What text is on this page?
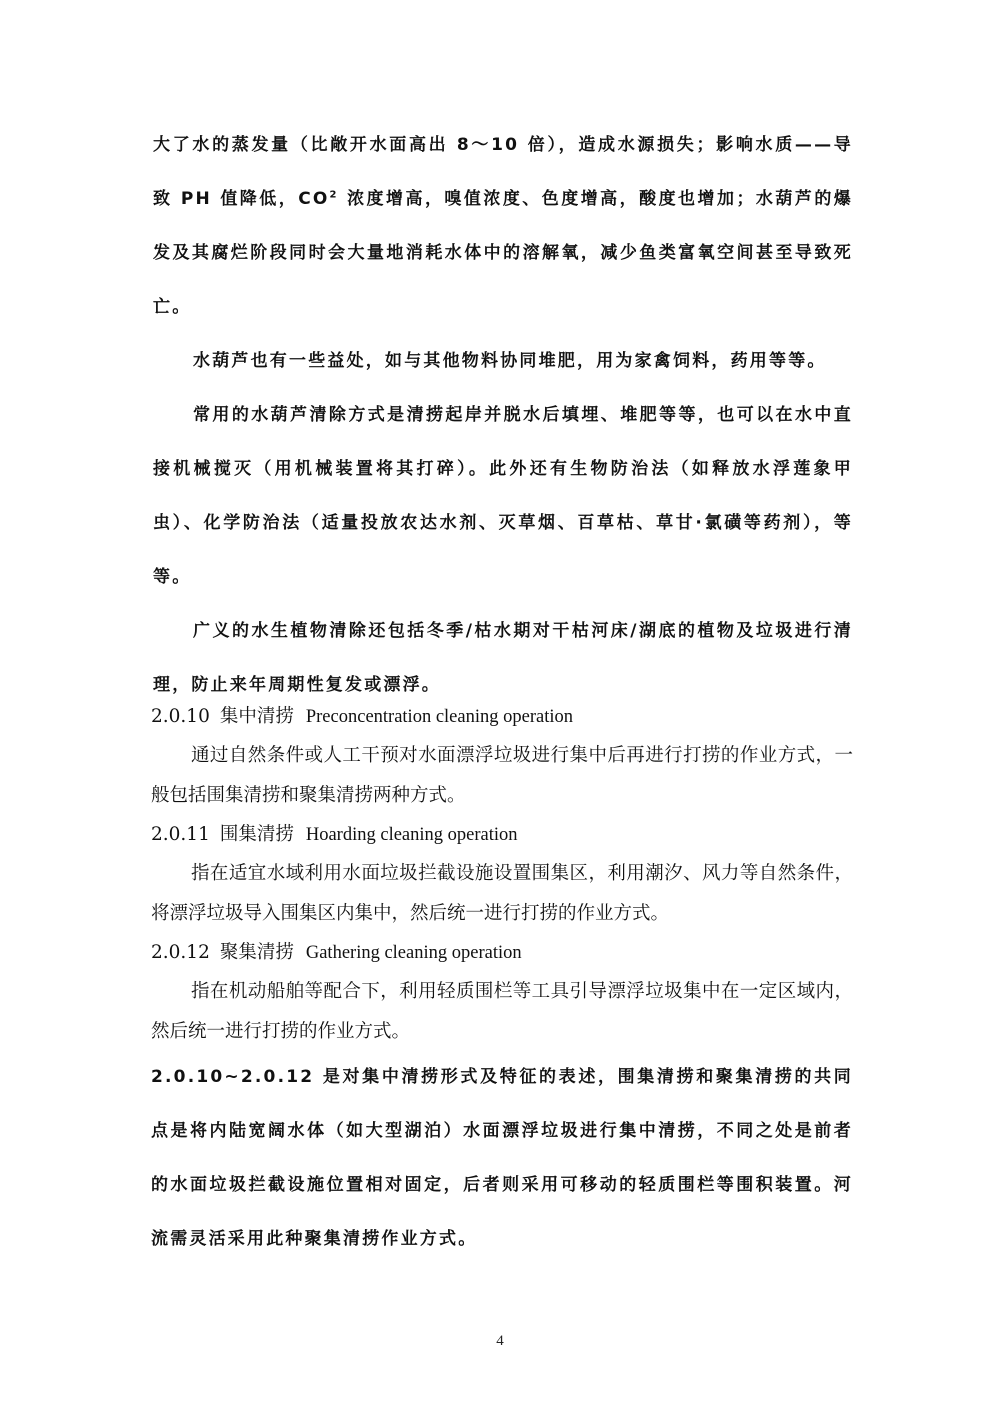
大了水的蒸发量（比敞开水面高出 8～10 倍），造成水源损失；影响水质——导致 PH 值降低，$CO^2$ 浓度增高，嗅值浓度、色度增高，酸度也增加；水葫芦的爆发及其腐烂阶段同时会大量地消耗水体中的溶解氧，减少鱼类富氧空间甚至导致死亡。

水葫芦也有一些益处，如与其他物料协同堆肥，用为家禽饲料，药用等等。

常用的水葫芦清除方式是清捞起岸并脱水后填埋、堆肥等等，也可以在水中直接机械搅灭（用机械装置将其打碎）。此外还有生物防治法（如释放水浮莲象甲虫）、化学防治法（适量投放农达水剂、灭草烟、百草枯、草甘·氯磺等药剂），等等。

广义的水生植物清除还包括冬季/枯水期对干枯河床/湖底的植物及垃圾进行清理，防止来年周期性复发或漂浮。

2.0.10 集中清捞 Preconcentration cleaning operation

通过自然条件或人工干预对水面漂浮垃圾进行集中后再进行打捞的作业方式，一般包括围集清捞和聚集清捞两种方式。

2.0.11 围集清捞 Hoarding cleaning operation

指在适宜水域利用水面垃圾拦截设施设置围集区，利用潮汐、风力等自然条件，将漂浮垃圾导入围集区内集中，然后统一进行打捞的作业方式。

2.0.12 聚集清捞 Gathering cleaning operation

指在机动船舶等配合下，利用轻质围栏等工具引导漂浮垃圾集中在一定区域内，然后统一进行打捞的作业方式。

2.0.10~2.0.12 是对集中清捞形式及特征的表述，围集清捞和聚集清捞的共同点是将内陆宽阔水体（如大型湖泊）水面漂浮垃圾进行集中清捞，不同之处是前者的水面垃圾拦截设施位置相对固定，后者则采用可移动的轻质围栏等围积装置。河流需灵活采用此种聚集清捞作业方式。

4
